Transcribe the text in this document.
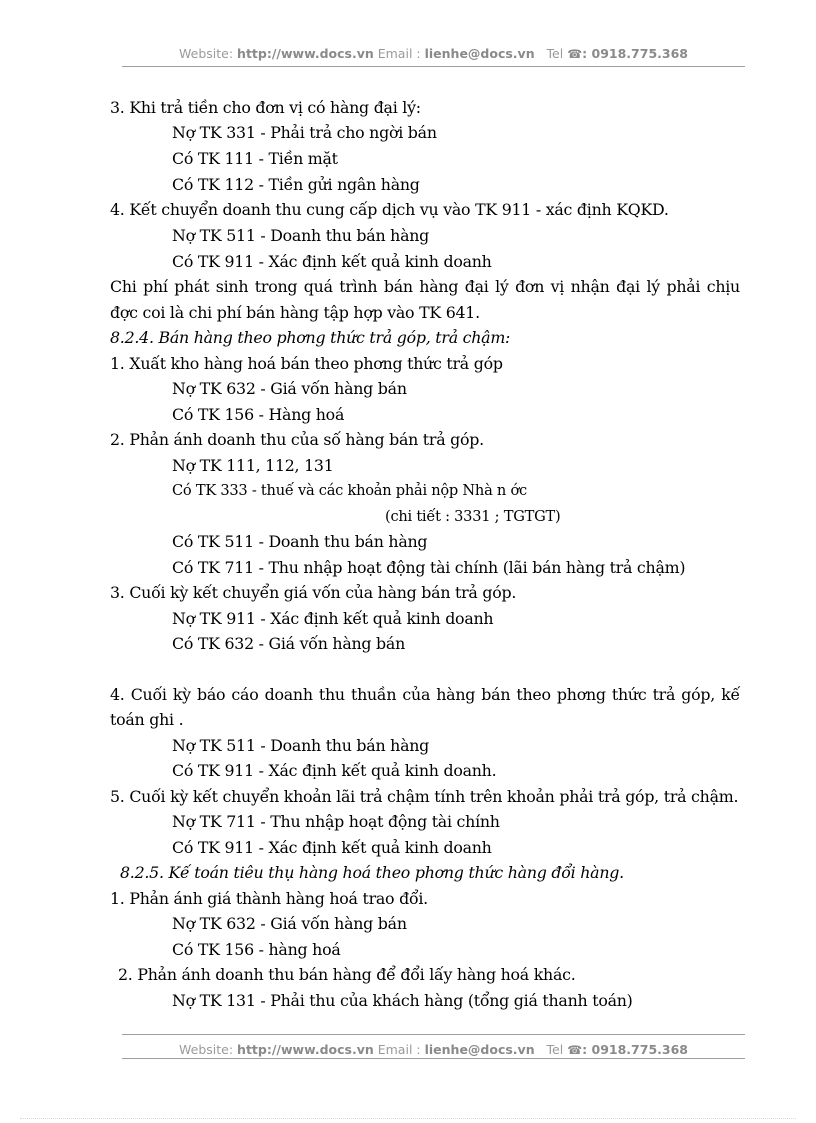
Website: http://www.docs.vn Email : lienhe@docs.vn Tel ☎: 0918.775.368
3. Khi trả tiền cho đơn vị có hàng đại lý:
Nợ TK 331 - Phải trả cho ngời bán
Có TK 111 - Tiền mặt
Có TK 112 - Tiền gửi ngân hàng
4. Kết chuyển doanh thu cung cấp dịch vụ vào TK 911 - xác định KQKD.
Nợ TK 511 - Doanh thu bán hàng
Có TK 911 - Xác định kết quả kinh doanh
Chi phí phát sinh trong quá trình bán hàng đại lý đơn vị nhận đại lý phải chịu
đợc coi là chi phí bán hàng tập hợp vào TK 641.
8.2.4. Bán hàng theo phơng thức trả góp, trả chậm:
1. Xuất kho hàng hoá bán theo phơng thức trả góp
Nợ TK 632 - Giá vốn hàng bán
Có TK 156 - Hàng hoá
2. Phản ánh doanh thu của số hàng bán trả góp.
Nợ TK 111, 112, 131
Có TK 333 - thuế và các khoản phải nộp Nhà n ớc
(chi tiết : 3331 ; TGTGT)
Có TK 511 - Doanh thu bán hàng
Có TK 711 - Thu nhập hoạt động tài chính (lãi bán hàng trả chậm)
3. Cuối kỳ kết chuyển giá vốn của hàng bán trả góp.
Nợ TK 911 - Xác định kết quả kinh doanh
Có TK 632 - Giá vốn hàng bán
4. Cuối kỳ báo cáo doanh thu thuần của hàng bán theo phơng thức trả góp, kế
toán ghi .
Nợ TK 511 - Doanh thu bán hàng
Có TK 911 - Xác định kết quả kinh doanh.
5. Cuối kỳ kết chuyển khoản lãi trả chậm tính trên khoản phải trả góp, trả chậm.
Nợ TK 711 - Thu nhập hoạt động tài chính
Có TK 911 - Xác định kết quả kinh doanh
8.2.5. Kế toán tiêu thụ hàng hoá theo phơng thức hàng đổi hàng.
1. Phản ánh giá thành hàng hoá trao đổi.
Nợ TK 632 - Giá vốn hàng bán
Có TK 156 - hàng hoá
2. Phản ánh doanh thu bán hàng để đổi lấy hàng hoá khác.
Nợ TK 131 - Phải thu của khách hàng (tổng giá thanh toán)
Website: http://www.docs.vn Email : lienhe@docs.vn Tel ☎: 0918.775.368
